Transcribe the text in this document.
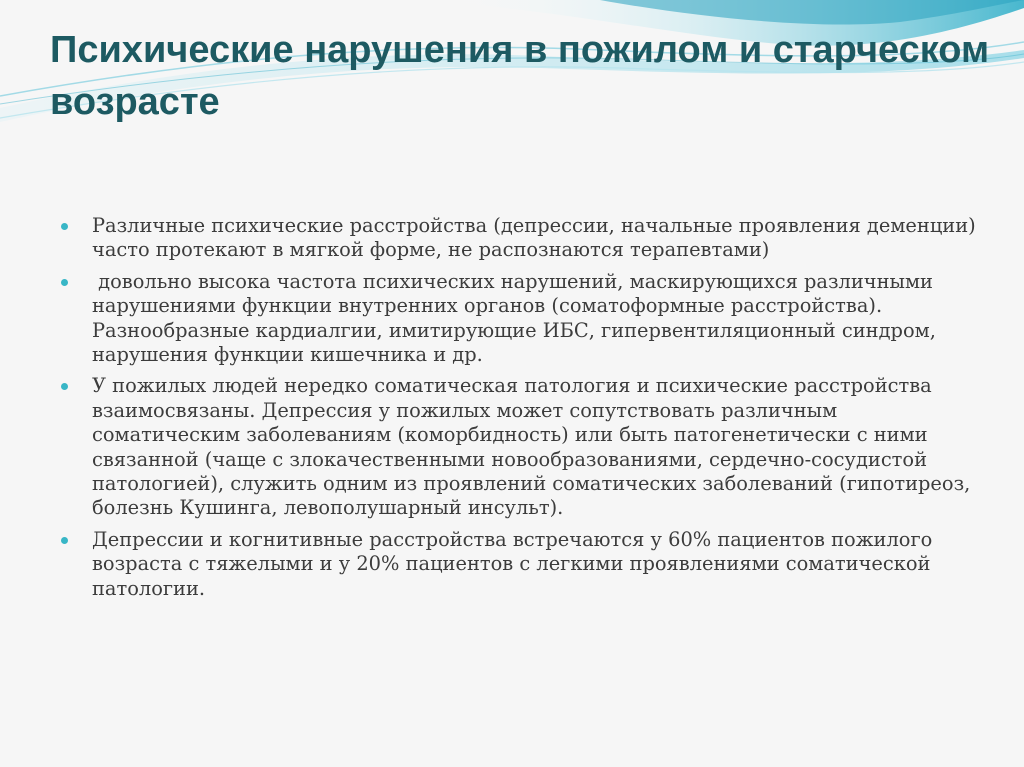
Психические нарушения в пожилом и старческом возрасте
Различные психические расстройства (депрессии, начальные проявления деменции) часто протекают в мягкой форме, не распознаются терапевтами)
довольно высока частота психических нарушений, маскирующихся различными нарушениями функции внутренних органов (соматоформные расстройства). Разнообразные кардиалгии, имитирующие ИБС, гипервентиляционный синдром, нарушения функции кишечника и др.
У пожилых людей нередко соматическая патология и психические расстройства взаимосвязаны. Депрессия у пожилых может сопутствовать различным соматическим заболеваниям (коморбидность) или быть патогенетически с ними связанной (чаще с злокачественными новообразованиями, сердечно-сосудистой патологией), служить одним из проявлений соматических заболеваний (гипотиреоз, болезнь Кушинга, левополушарный инсульт).
Депрессии и когнитивные расстройства встречаются у 60% пациентов пожилого возраста с тяжелыми и у 20% пациентов с легкими проявлениями соматической патологии.
